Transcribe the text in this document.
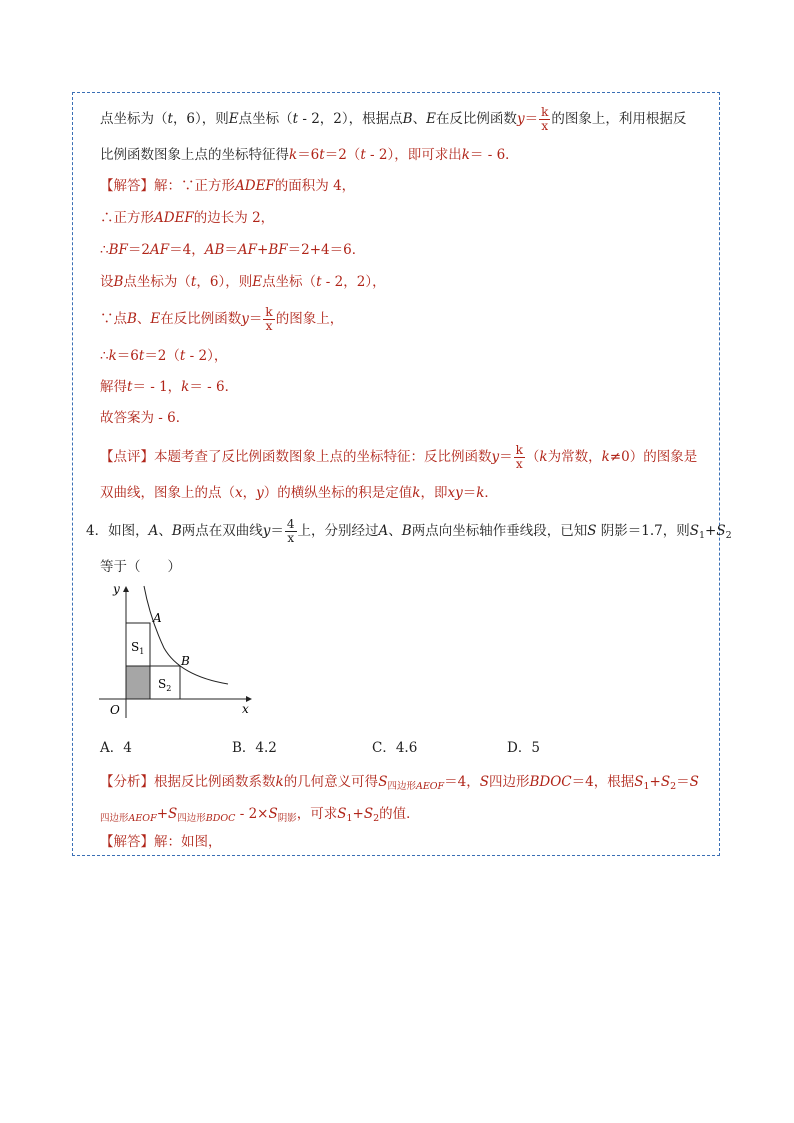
点坐标为（t，6），则E点坐标（t - 2，2），根据点B、E在反比例函数$y= \frac{k}{x}$ 的图象上，利用根据反
比例函数图象上点的坐标特征得k＝6t＝2（t - 2），即可求出k＝ - 6．
【解答】解：∵正方形ADEF的面积为 4，
∴正方形ADEF的边长为 2，
∴BF＝2AF＝4，AB＝AF+BF＝2+4＝6．
设B点坐标为（t，6），则E点坐标（t - 2，2），
∵点B、E在反比例函数$y= \frac{k}{x}$ 的图象上，
∴k＝6t＝2（t - 2），
解得t＝ - 1，k＝ - 6．
故答案为 - 6．
【点评】本题考查了反比例函数图象上点的坐标特征：反比例函数$y= \frac{k}{x} (k$为常数，k≠0）的图象是
双曲线，图象上的点（x，y）的横纵坐标的积是定值k，即xy＝k．
4．如图，A、B两点在双曲线$y= \frac{4}{x}$ 上，分别经过A、B两点向坐标轴作垂线段，已知S 阴影＝1.7，则$S_1+S_2$
等于（　　）
y
x
O
A
B
$S_1$
$S_2$
A．4	B．4.2	C．4.6	D．5
【分析】根据反比例函数系数k的几何意义可得$S_{四边形AEOF}=4$，S四边形BDOC＝4，根据$S_1+S_2=S$
$_{四边形AEOF}+S_{四边形BDOC} - 2\times S_{阴影}$，可求$S_1+S_2$的值．
【解答】解：如图，
